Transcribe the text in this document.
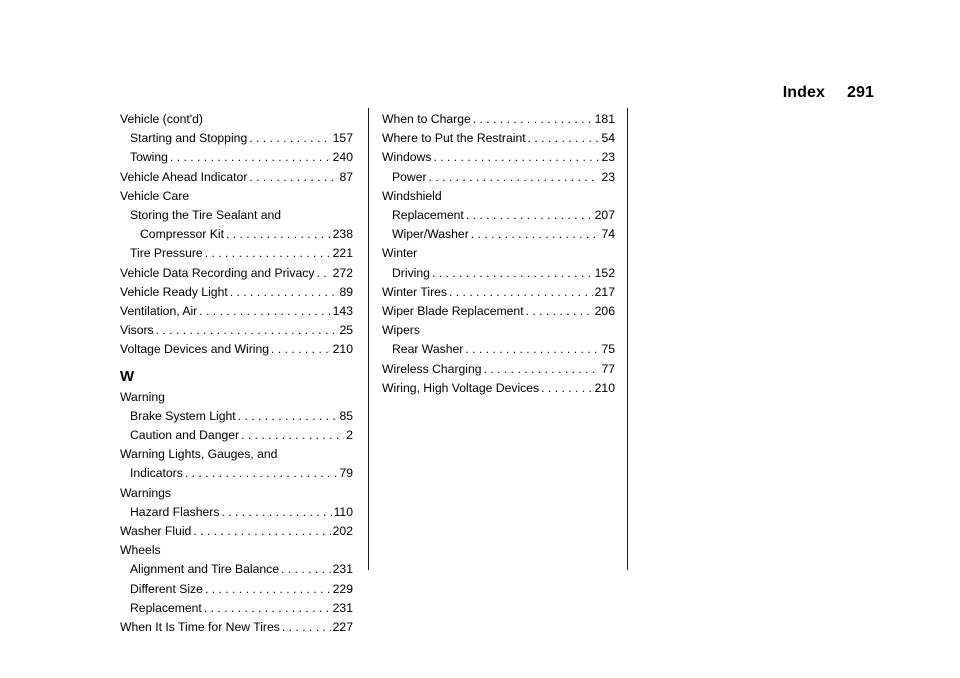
Index 291
Vehicle (cont'd)
Starting and Stopping . . .	157
Towing . . .	240
Vehicle Ahead Indicator . . .	87
Vehicle Care
Storing the Tire Sealant and
Compressor Kit . . .	238
Tire Pressure . . .	221
Vehicle Data Recording and Privacy . . . 272
Vehicle Ready Light . . .	89
Ventilation, Air . . .	143
Visors . . .	25
Voltage Devices and Wiring . . .	210
W
Warning
Brake System Light . . .	85
Caution and Danger . . .	2
Warning Lights, Gauges, and
Indicators . . .	79
Warnings
Hazard Flashers . . .	110
Washer Fluid . . .	202
Wheels
Alignment and Tire Balance . . .	231
Different Size . . .	229
Replacement . . .	231
When It Is Time for New Tires . . .	227
When to Charge . . .	181
Where to Put the Restraint . . .	54
Windows . . .	23
Power . . .	23
Windshield
Replacement . . .	207
Wiper/Washer . . .	74
Winter
Driving . . .	152
Winter Tires . . .	217
Wiper Blade Replacement . . .	206
Wipers
Rear Washer . . .	75
Wireless Charging . . .	77
Wiring, High Voltage Devices . . .	210
